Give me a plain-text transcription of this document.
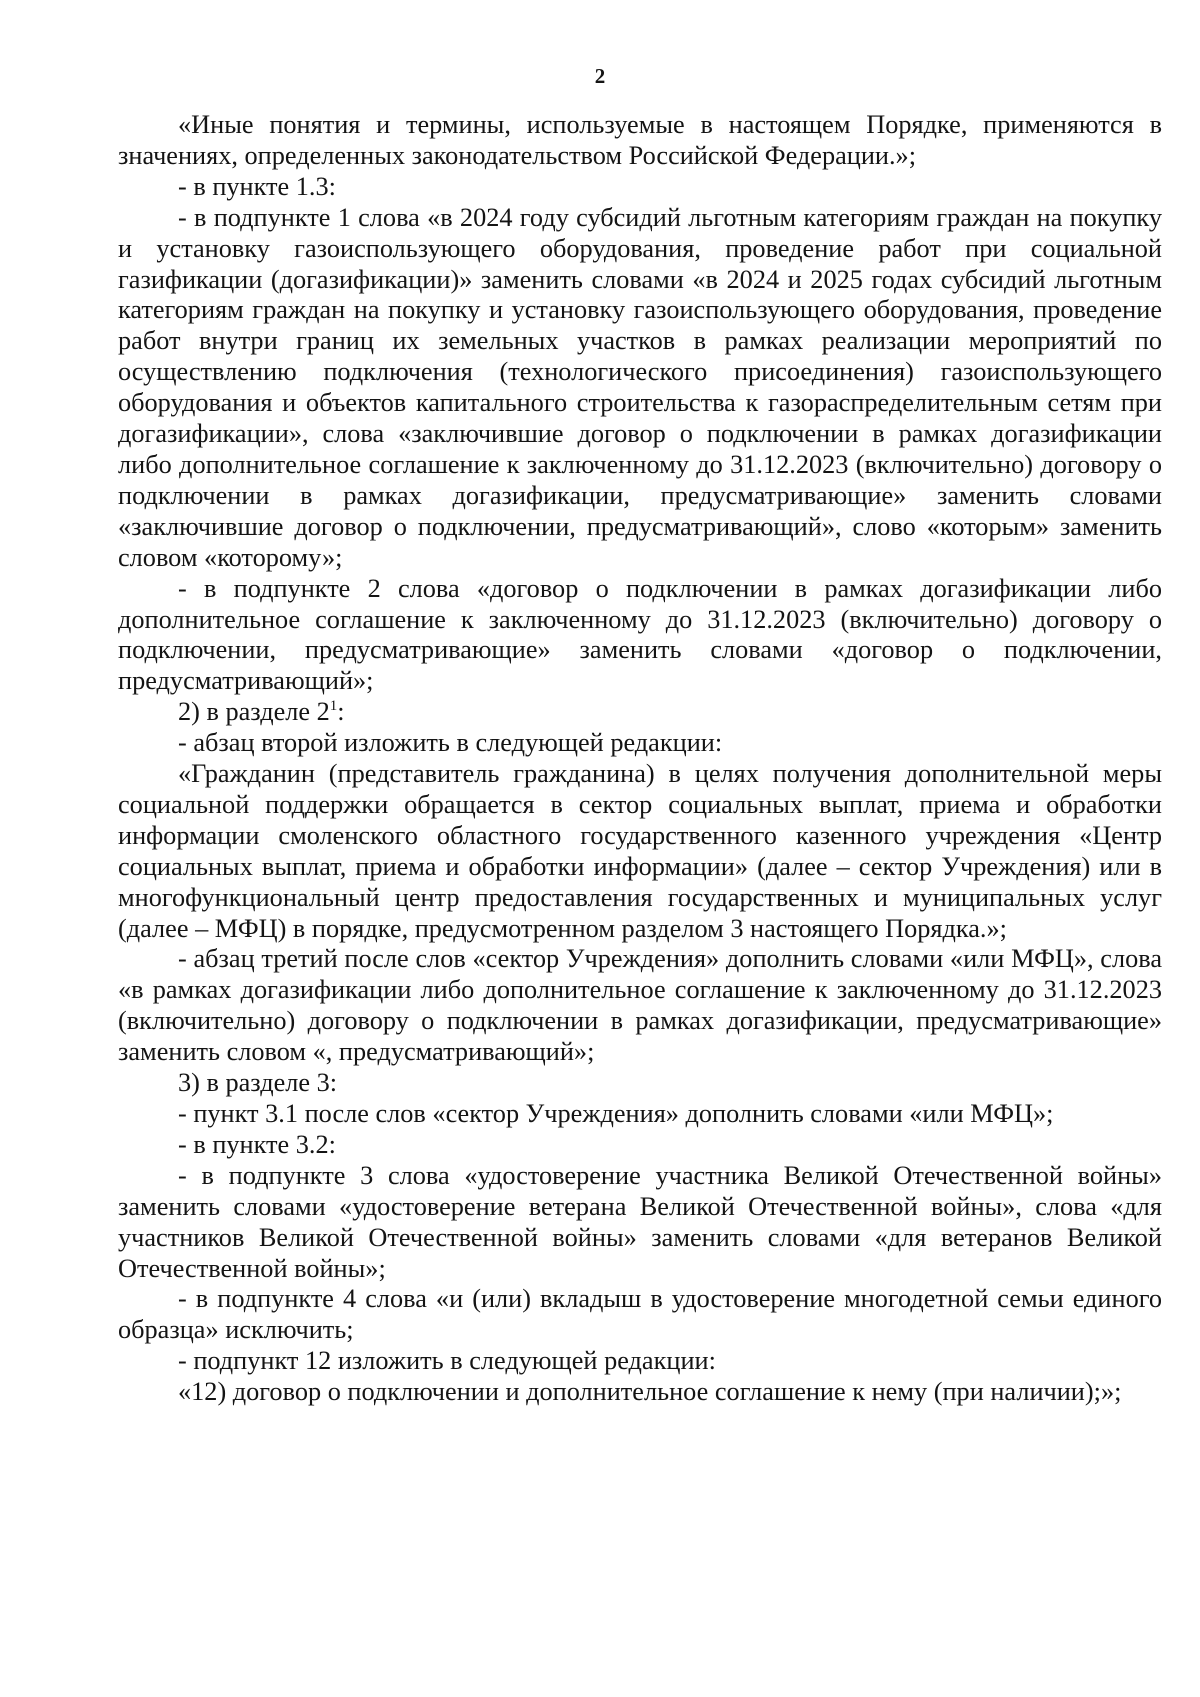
2

«Иные понятия и термины, используемые в настоящем Порядке, применяются в значениях, определенных законодательством Российской Федерации.»;

- в пункте 1.3:

- в подпункте 1 слова «в 2024 году субсидий льготным категориям граждан на покупку и установку газоиспользующего оборудования, проведение работ при социальной газификации (догазификации)» заменить словами «в 2024 и 2025 годах субсидий льготным категориям граждан на покупку и установку газоиспользующего оборудования, проведение работ внутри границ их земельных участков в рамках реализации мероприятий по осуществлению подключения (технологического присоединения) газоиспользующего оборудования и объектов капитального строительства к газораспределительным сетям при догазификации», слова «заключившие договор о подключении в рамках догазификации либо дополнительное соглашение к заключенному до 31.12.2023 (включительно) договору о подключении в рамках догазификации, предусматривающие» заменить словами «заключившие договор о подключении, предусматривающий», слово «которым» заменить словом «которому»;

- в подпункте 2 слова «договор о подключении в рамках догазификации либо дополнительное соглашение к заключенному до 31.12.2023 (включительно) договору о подключении, предусматривающие» заменить словами «договор о подключении, предусматривающий»;

2) в разделе $2^1$:

- абзац второй изложить в следующей редакции:

«Гражданин (представитель гражданина) в целях получения дополнительной меры социальной поддержки обращается в сектор социальных выплат, приема и обработки информации смоленского областного государственного казенного учреждения «Центр социальных выплат, приема и обработки информации» (далее – сектор Учреждения) или в многофункциональный центр предоставления государственных и муниципальных услуг (далее – МФЦ) в порядке, предусмотренном разделом 3 настоящего Порядка.»;

- абзац третий после слов «сектор Учреждения» дополнить словами «или МФЦ», слова «в рамках догазификации либо дополнительное соглашение к заключенному до 31.12.2023 (включительно) договору о подключении в рамках догазификации, предусматривающие» заменить словом «, предусматривающий»;

3) в разделе 3:

- пункт 3.1 после слов «сектор Учреждения» дополнить словами «или МФЦ»;

- в пункте 3.2:

- в подпункте 3 слова «удостоверение участника Великой Отечественной войны» заменить словами «удостоверение ветерана Великой Отечественной войны», слова «для участников Великой Отечественной войны» заменить словами «для ветеранов Великой Отечественной войны»;

- в подпункте 4 слова «и (или) вкладыш в удостоверение многодетной семьи единого образца» исключить;

- подпункт 12 изложить в следующей редакции:

«12) договор о подключении и дополнительное соглашение к нему (при наличии);»;
